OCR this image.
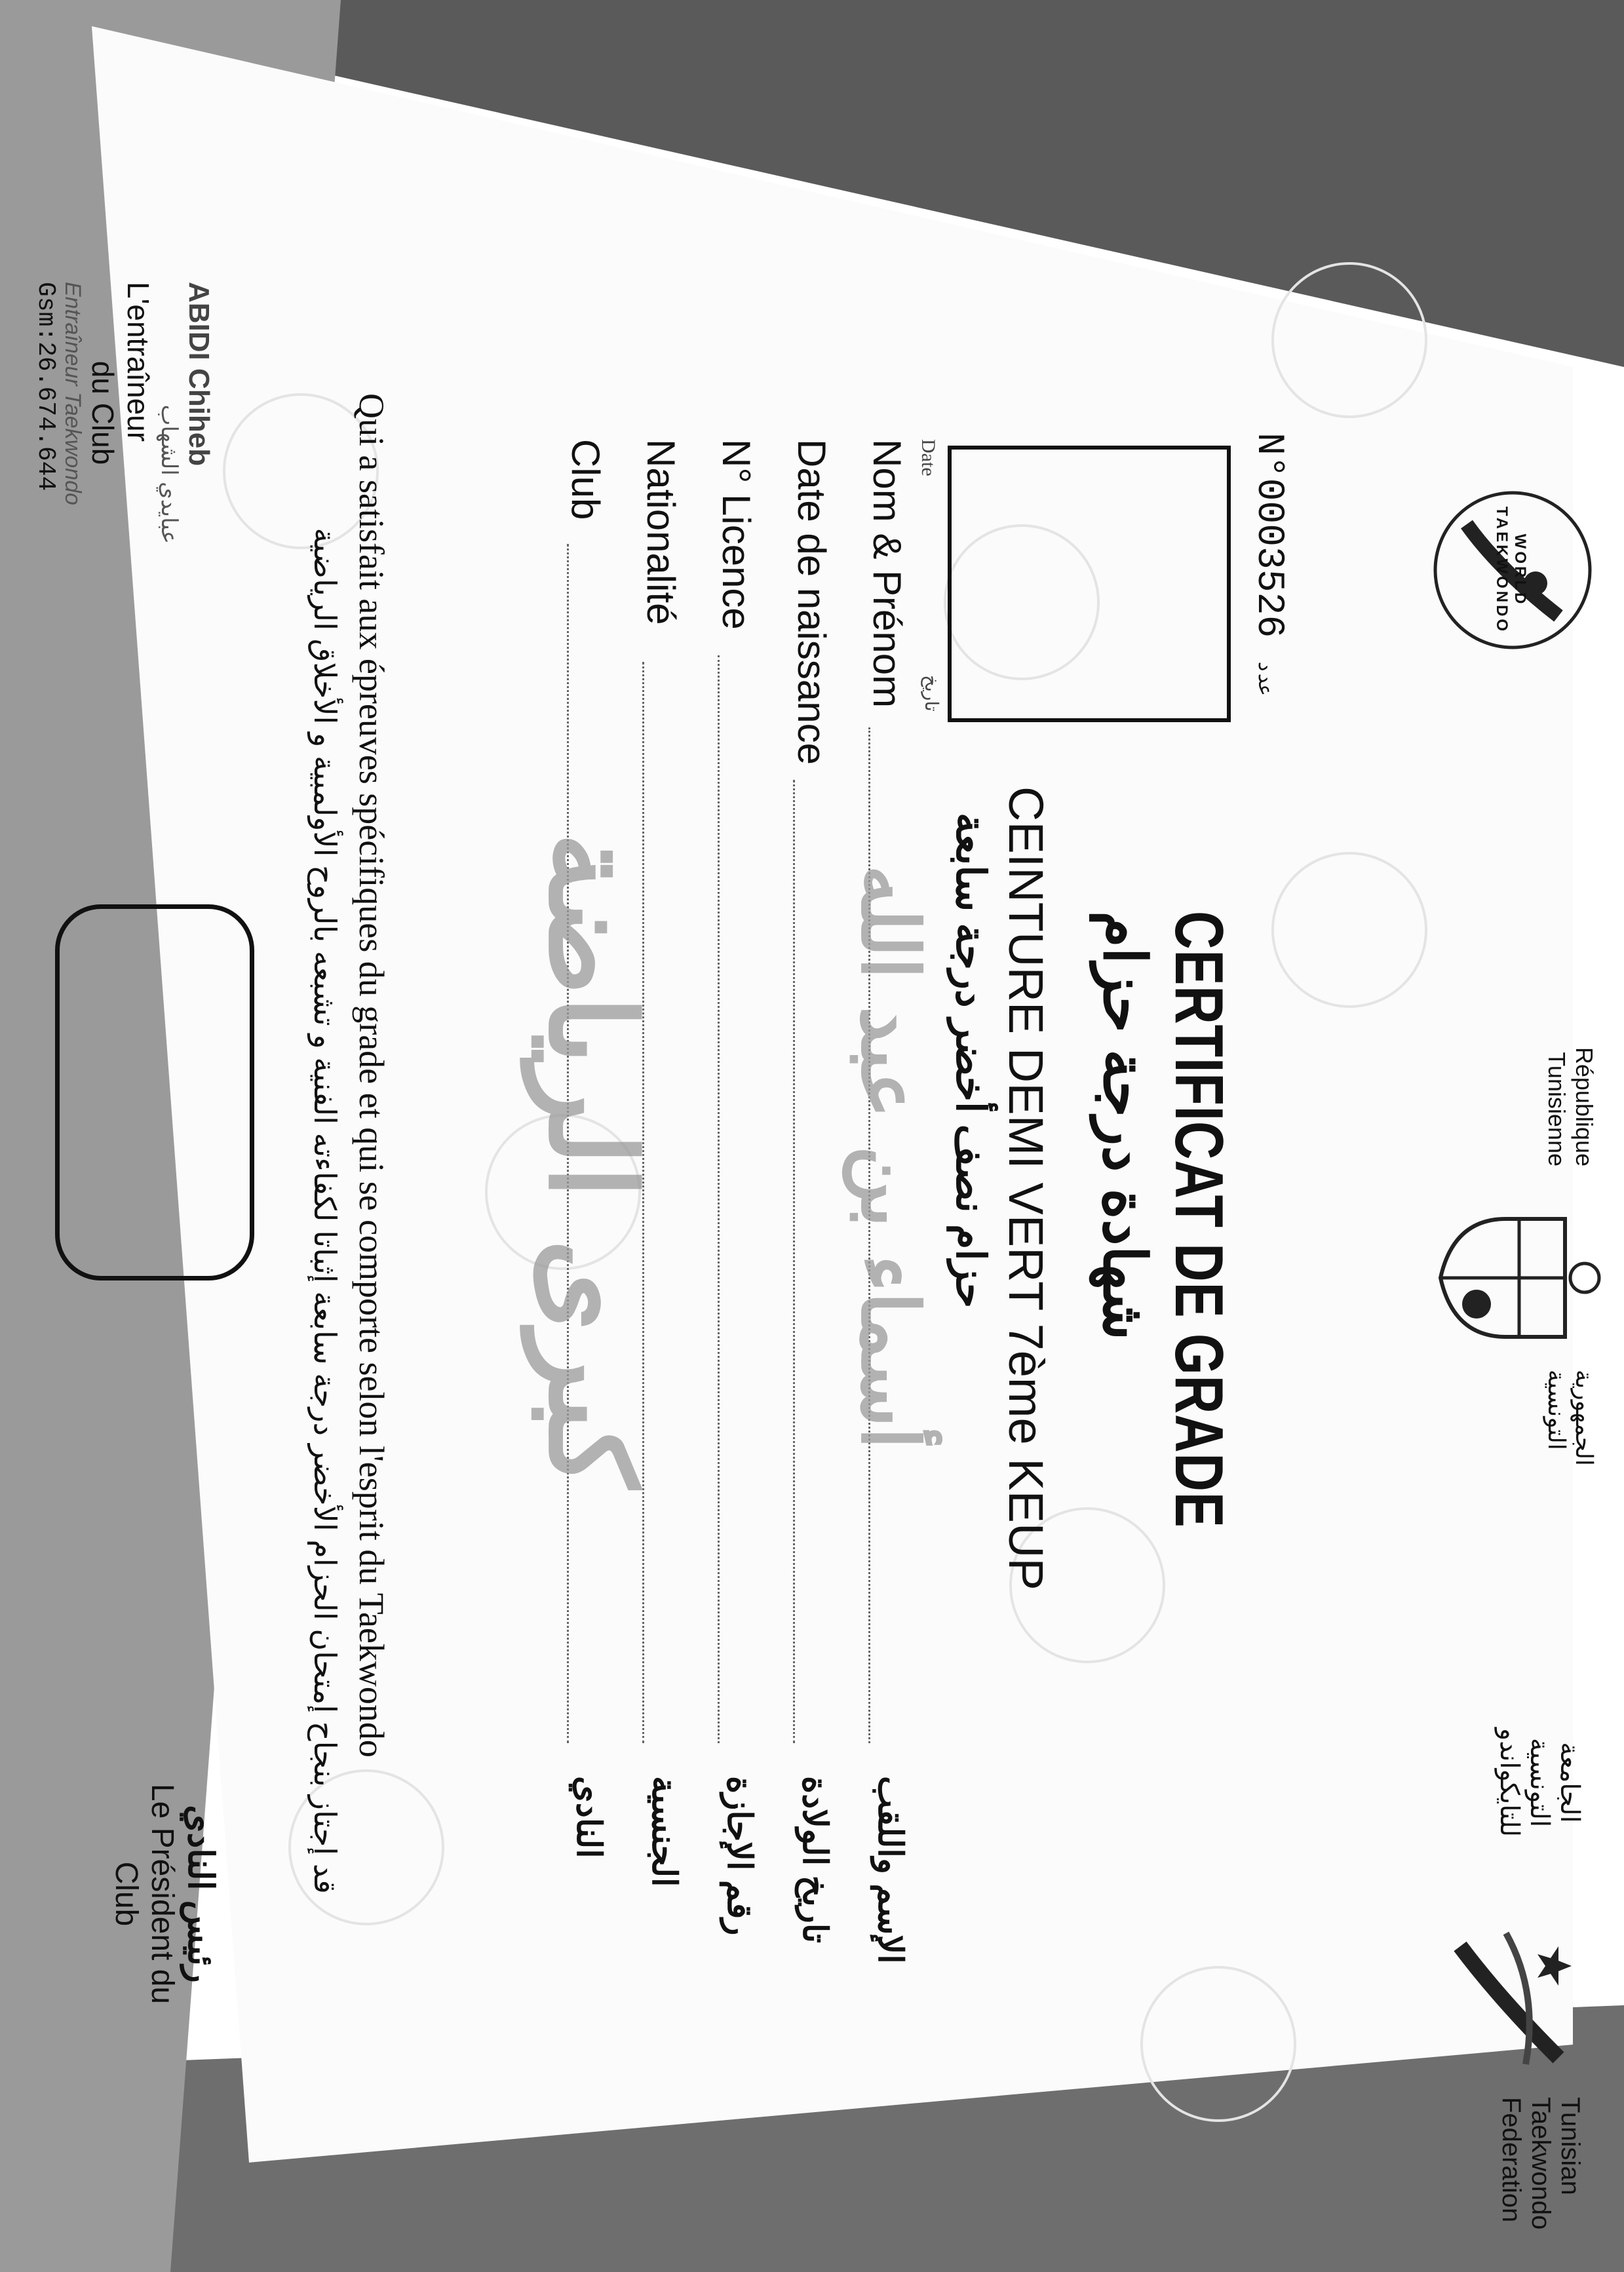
WORLD TAEKWONDO
République
Tunisienne
الجمهورية
التونسية
الجامعة
التونسية
للتايكواندو
Tunisian
Taekwondo
Federation
N°0003526 عدد
Date
تاريخ
CERTIFICAT DE GRADE
شهادة درجة حزام
CEINTURE DEMI VERT 7ème KEUP
حزام نصف أخضر درجة سابعة
Nom & Prénom
الإسم واللقب
Date de naissance
تاريخ الولادة
N° Licence
رقم الإجازة
Nationalité
الجنسية
Club
النادي
أسماء بن عبد الله
كبرى الرياضة
Qui a satisfait aux épreuves spécifiques du grade et qui se comporte selon l'esprit du Taekwondo
قد إجتاز بنجاح إمتحان الحزام الأخضر درجة سابعة إثباتا لكفاءته الفنية و تشبعه بالروح الأولمبية و الأخلاق الرياضية
ABIDI Chiheb
عبايدي الشهاب
L'entraîneur
du Club
Entraîneur Taekwondo
Gsm:26.674.644
رئيس النادي
Le Président du
Club
